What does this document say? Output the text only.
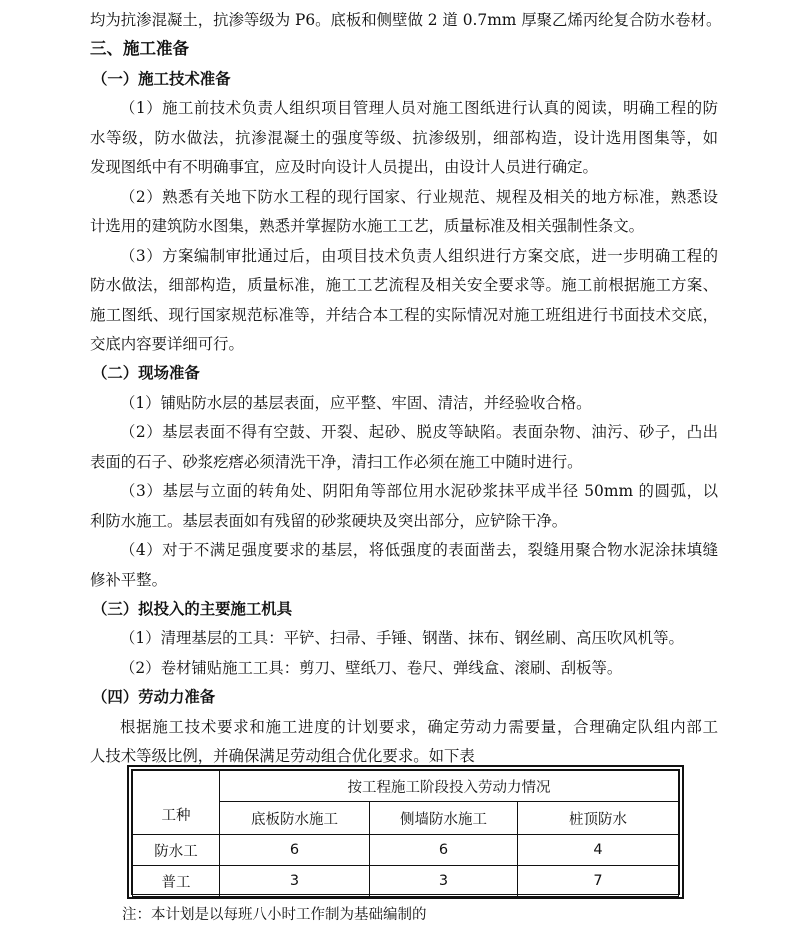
均为抗渗混凝土，抗渗等级为 P6。底板和侧壁做 2 道 0.7mm 厚聚乙烯丙纶复合防水卷材。
三、施工准备
（一）施工技术准备
（1）施工前技术负责人组织项目管理人员对施工图纸进行认真的阅读，明确工程的防
水等级，防水做法，抗渗混凝土的强度等级、抗渗级别，细部构造，设计选用图集等，如
发现图纸中有不明确事宜，应及时向设计人员提出，由设计人员进行确定。
（2）熟悉有关地下防水工程的现行国家、行业规范、规程及相关的地方标准，熟悉设
计选用的建筑防水图集，熟悉并掌握防水施工工艺，质量标准及相关强制性条文。
（3）方案编制审批通过后，由项目技术负责人组织进行方案交底，进一步明确工程的
防水做法，细部构造，质量标准，施工工艺流程及相关安全要求等。施工前根据施工方案、
施工图纸、现行国家规范标准等，并结合本工程的实际情况对施工班组进行书面技术交底，
交底内容要详细可行。
（二）现场准备
（1）铺贴防水层的基层表面，应平整、牢固、清洁，并经验收合格。
（2）基层表面不得有空鼓、开裂、起砂、脱皮等缺陷。表面杂物、油污、砂子，凸出
表面的石子、砂浆疙瘩必须清洗干净，清扫工作必须在施工中随时进行。
（3）基层与立面的转角处、阴阳角等部位用水泥砂浆抹平成半径 50mm 的圆弧，以
利防水施工。基层表面如有残留的砂浆硬块及突出部分，应铲除干净。
（4）对于不满足强度要求的基层，将低强度的表面凿去，裂缝用聚合物水泥涂抹填缝
修补平整。
（三）拟投入的主要施工机具
（1）清理基层的工具：平铲、扫帚、手锤、钢凿、抹布、钢丝刷、高压吹风机等。
（2）卷材铺贴施工工具：剪刀、壁纸刀、卷尺、弹线盒、滚刷、刮板等。
（四）劳动力准备
根据施工技术要求和施工进度的计划要求，确定劳动力需要量，合理确定队组内部工
人技术等级比例，并确保满足劳动组合优化要求。如下表
工种	按工程施工阶段投入劳动力情况		
	底板防水施工	侧墙防水施工	桩顶防水
防水工	6	6	4
普工	3	3	7
注：本计划是以每班八小时工作制为基础编制的
